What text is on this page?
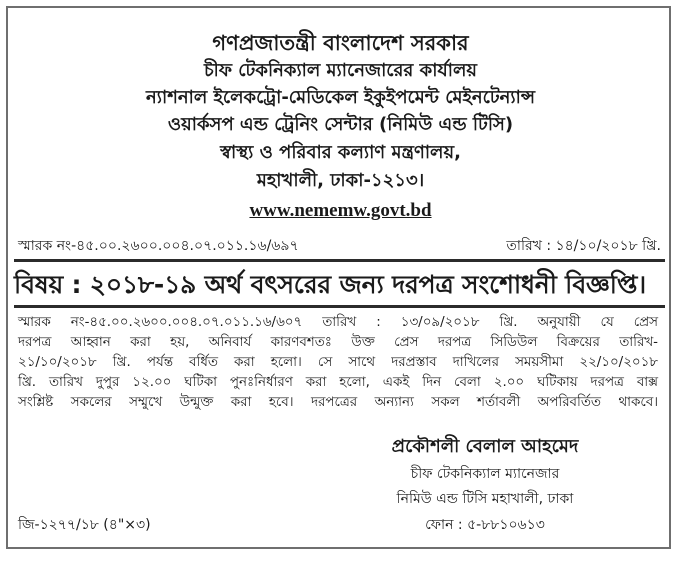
গণপ্রজাতন্ত্রী বাংলাদেশ সরকার
চীফ টেকনিক্যাল ম্যানেজারের কার্যালয়
ন্যাশনাল ইলেকট্রো-মেডিকেল ইকুইপমেন্ট মেইনটেন্যান্স
ওয়ার্কসপ এন্ড ট্রেনিং সেন্টার (নিমিউ এন্ড টিসি)
স্বাস্থ্য ও পরিবার কল্যাণ মন্ত্রণালয়,
মহাখালী, ঢাকা-১২১৩।
www.nememw.govt.bd
স্মারক নং-৪৫.০০.২৬০০.০০৪.০৭.০১১.১৬/৬৯৭	তারিখ : ১৪/১০/২০১৮ খ্রি.
বিষয় : ২০১৮-১৯ অর্থ বৎসরের জন্য দরপত্র সংশোধনী বিজ্ঞপ্তি।
স্মারক নং-৪৫.০০.২৬০০.০০৪.০৭.০১১.১৬/৬০৭ তারিখ : ১৩/০৯/২০১৮ খ্রি. অনুযায়ী যে প্রেস
দরপত্র আহ্বান করা হয়, অনিবার্য কারণবশতঃ উক্ত প্রেস দরপত্র সিডিউল বিক্রয়ের তারিখ-
২১/১০/২০১৮ খ্রি. পর্যন্ত বর্ধিত করা হলো। সে সাথে দরপ্রস্তাব দাখিলের সময়সীমা ২২/১০/২০১৮
খ্রি. তারিখ দুপুর ১২.০০ ঘটিকা পুনঃনির্ধারণ করা হলো, একই দিন বেলা ২.০০ ঘটিকায় দরপত্র বাক্স
সংশ্লিষ্ট সকলের সম্মুখে উন্মুক্ত করা হবে। দরপত্রের অন্যান্য সকল শর্তাবলী অপরিবর্তিত থাকবে।
প্রকৌশলী বেলাল আহমেদ
চীফ টেকনিক্যাল ম্যানেজার
নিমিউ এন্ড টিসি মহাখালী, ঢাকা
ফোন : ৫-৮৮১০৬১৩
জি-১২৭৭/১৮ (৪"×৩)
